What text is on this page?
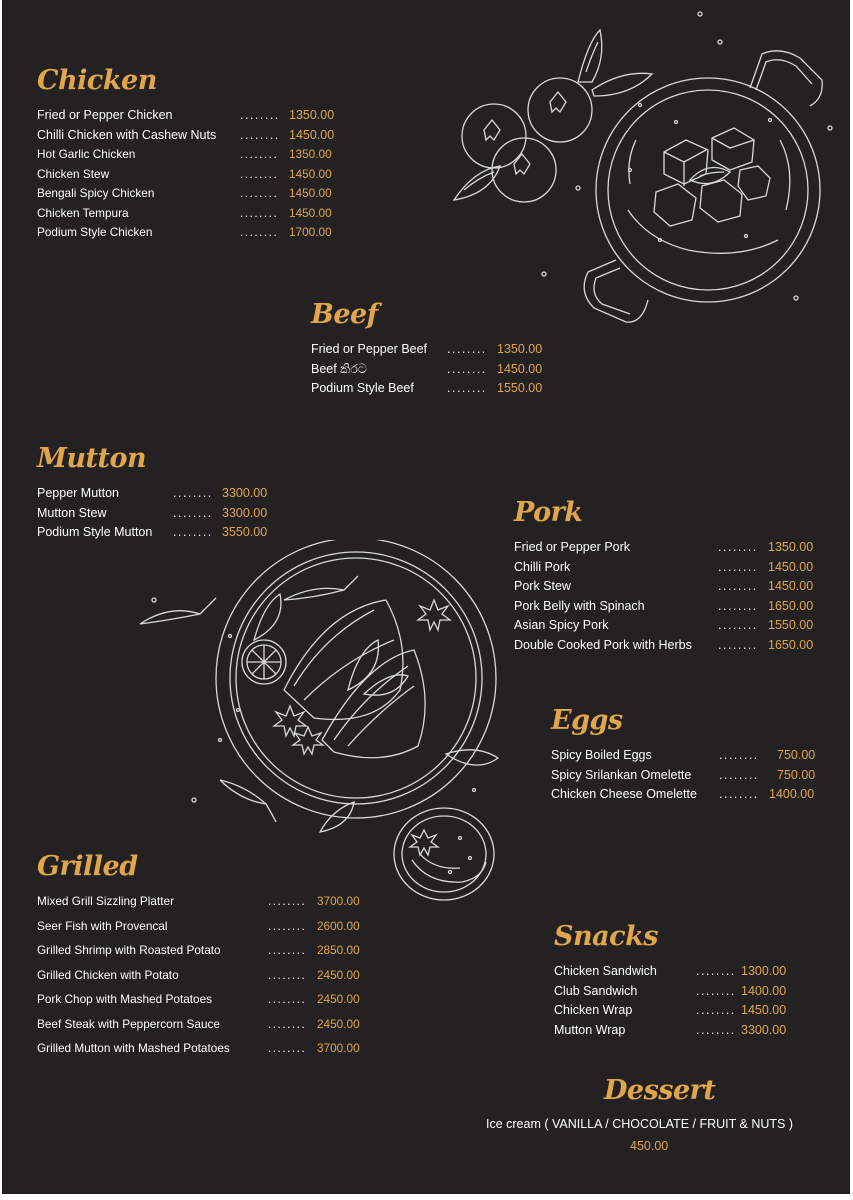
Chicken
Fried or Pepper Chicken	........ 1350.00
Chilli Chicken with Cashew Nuts ........ 1450.00
Hot Garlic Chicken	........ 1350.00
Chicken Stew	........ 1450.00
Bengali Spicy Chicken	........ 1450.00
Chicken Tempura	........ 1450.00
Podium Style Chicken	........ 1700.00
Beef
Fried or Pepper Beef ........ 1350.00
Beef කිරට	........ 1450.00
Podium Style Beef	........ 1550.00
Mutton
Pepper Mutton	........ 3300.00
Mutton Stew	........ 3300.00
Podium Style Mutton ........ 3550.00
Pork
Fried or Pepper Pork	........ 1350.00
Chilli Pork	........ 1450.00
Pork Stew	........ 1450.00
Pork Belly with Spinach	........ 1650.00
Asian Spicy Pork	........ 1550.00
Double Cooked Pork with Herbs ........ 1650.00
Eggs
Spicy Boiled Eggs	........ 750.00
Spicy Srilankan Omelette ........ 750.00
Chicken Cheese Omelette ........ 1400.00
Grilled
Mixed Grill Sizzling Platter	........ 3700.00
Seer Fish with Provencal	........ 2600.00
Grilled Shrimp with Roasted Potato	........ 2850.00
Grilled Chicken with Potato	........ 2450.00
Pork Chop with Mashed Potatoes	........ 2450.00
Beef Steak with Peppercorn Sauce	........ 2450.00
Grilled Mutton with Mashed Potatoes	........ 3700.00
Snacks
Chicken Sandwich	........ 1300.00
Club Sandwich	........ 1400.00
Chicken Wrap	........ 1450.00
Mutton Wrap	........ 3300.00
Dessert
Ice cream ( VANILLA / CHOCOLATE / FRUIT & NUTS )
450.00
